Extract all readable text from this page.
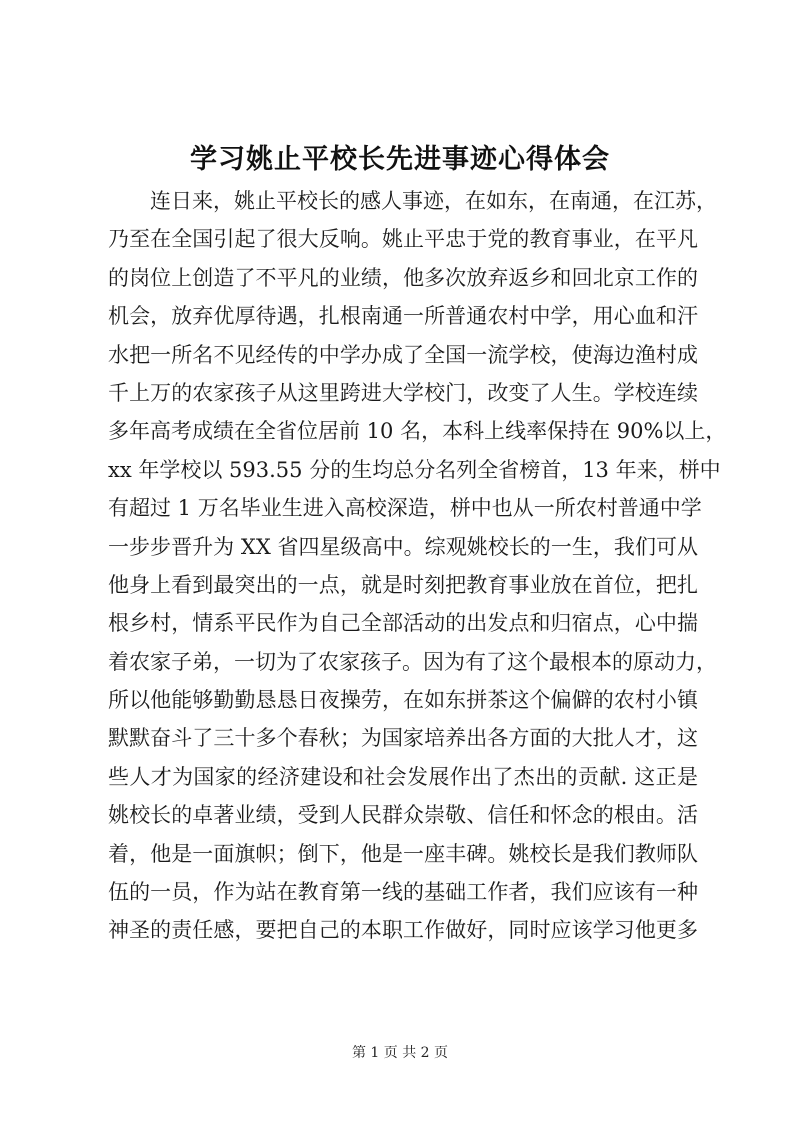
学习姚止平校长先进事迹心得体会
连日来，姚止平校长的感人事迹，在如东，在南通，在江苏，
乃至在全国引起了很大反响。姚止平忠于党的教育事业，在平凡
的岗位上创造了不平凡的业绩，他多次放弃返乡和回北京工作的
机会，放弃优厚待遇，扎根南通一所普通农村中学，用心血和汗
水把一所名不见经传的中学办成了全国一流学校，使海边渔村成
千上万的农家孩子从这里跨进大学校门，改变了人生。学校连续
多年高考成绩在全省位居前 10 名，本科上线率保持在 90%以上，
xx 年学校以 593.55 分的生均总分名列全省榜首，13 年来，栟中
有超过 1 万名毕业生进入高校深造，栟中也从一所农村普通中学
一步步晋升为 XX 省四星级高中。综观姚校长的一生，我们可从
他身上看到最突出的一点，就是时刻把教育事业放在首位，把扎
根乡村，情系平民作为自己全部活动的出发点和归宿点，心中揣
着农家子弟，一切为了农家孩子。因为有了这个最根本的原动力，
所以他能够勤勤恳恳日夜操劳，在如东拼茶这个偏僻的农村小镇
默默奋斗了三十多个春秋；为国家培养出各方面的大批人才，这
些人才为国家的经济建设和社会发展作出了杰出的贡献. 这正是
姚校长的卓著业绩，受到人民群众崇敬、信任和怀念的根由。活
着，他是一面旗帜；倒下，他是一座丰碑。姚校长是我们教师队
伍的一员，作为站在教育第一线的基础工作者，我们应该有一种
神圣的责任感，要把自己的本职工作做好，同时应该学习他更多
第 1 页 共 2 页
